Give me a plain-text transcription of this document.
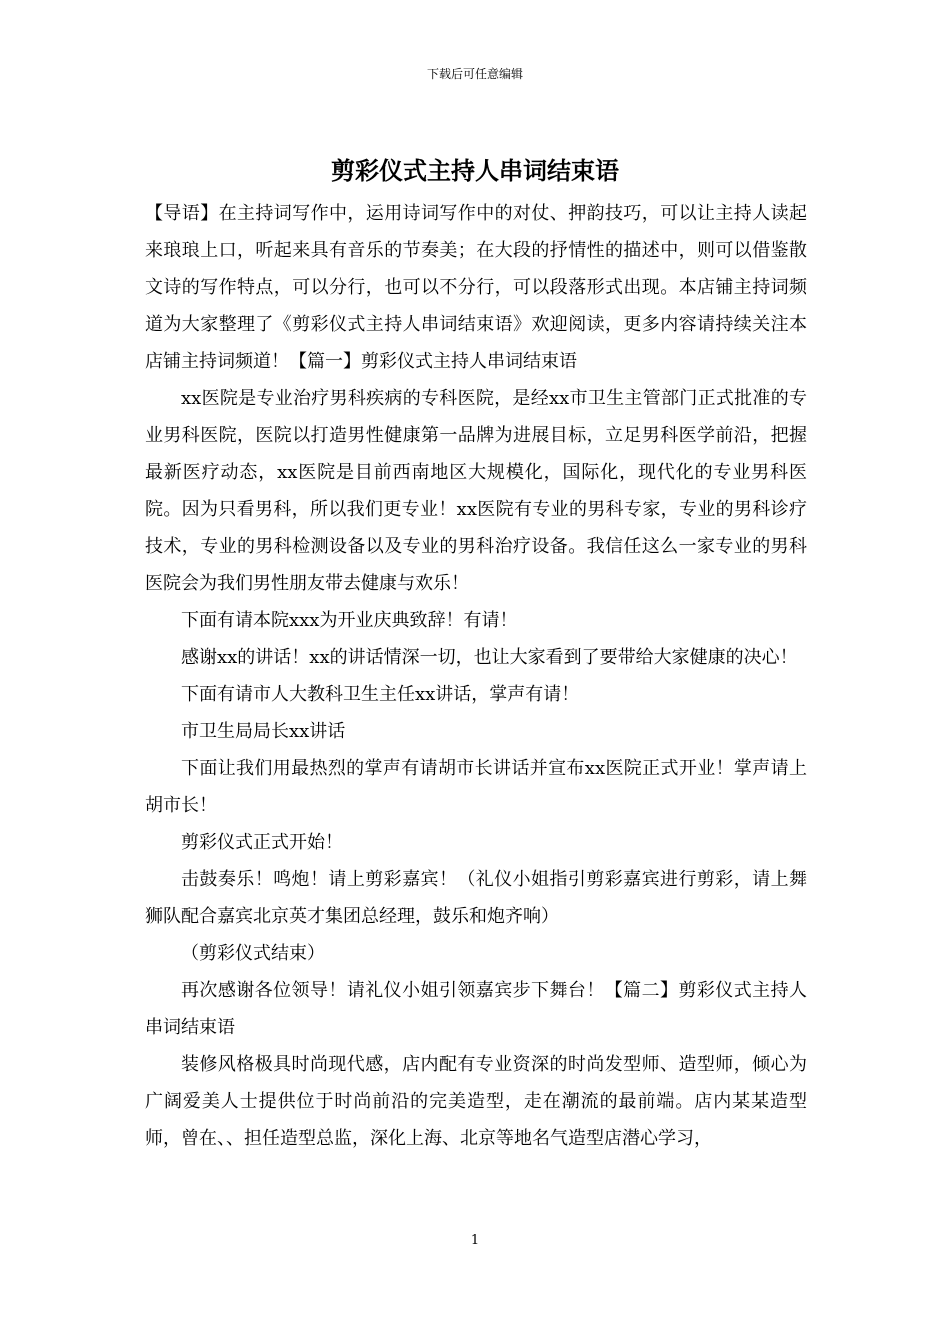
下载后可任意编辑
剪彩仪式主持人串词结束语

【导语】在主持词写作中，运用诗词写作中的对仗、押韵技巧，可以让主持人读起来琅琅上口，听起来具有音乐的节奏美；在大段的抒情性的描述中，则可以借鉴散文诗的写作特点，可以分行，也可以不分行，可以段落形式出现。本店铺主持词频道为大家整理了《剪彩仪式主持人串词结束语》欢迎阅读，更多内容请持续关注本店铺主持词频道！【篇一】剪彩仪式主持人串词结束语

xx医院是专业治疗男科疾病的专科医院，是经xx市卫生主管部门正式批准的专业男科医院，医院以打造男性健康第一品牌为进展目标，立足男科医学前沿，把握最新医疗动态，xx医院是目前西南地区大规模化，国际化，现代化的专业男科医院。因为只看男科，所以我们更专业！xx医院有专业的男科专家，专业的男科诊疗技术，专业的男科检测设备以及专业的男科治疗设备。我信任这么一家专业的男科医院会为我们男性朋友带去健康与欢乐！

下面有请本院xxx为开业庆典致辞！有请！

感谢xx的讲话！xx的讲话情深一切，也让大家看到了要带给大家健康的决心！

下面有请市人大教科卫生主任xx讲话，掌声有请！

市卫生局局长xx讲话

下面让我们用最热烈的掌声有请胡市长讲话并宣布xx医院正式开业！掌声请上胡市长！

剪彩仪式正式开始！

击鼓奏乐！鸣炮！请上剪彩嘉宾！（礼仪小姐指引剪彩嘉宾进行剪彩，请上舞狮队配合嘉宾北京英才集团总经理，鼓乐和炮齐响）

（剪彩仪式结束）

再次感谢各位领导！请礼仪小姐引领嘉宾步下舞台！【篇二】剪彩仪式主持人串词结束语

装修风格极具时尚现代感，店内配有专业资深的时尚发型师、造型师，倾心为广阔爱美人士提供位于时尚前沿的完美造型，走在潮流的最前端。店内某某造型师，曾在、、担任造型总监，深化上海、北京等地名气造型店潜心学习，

1
